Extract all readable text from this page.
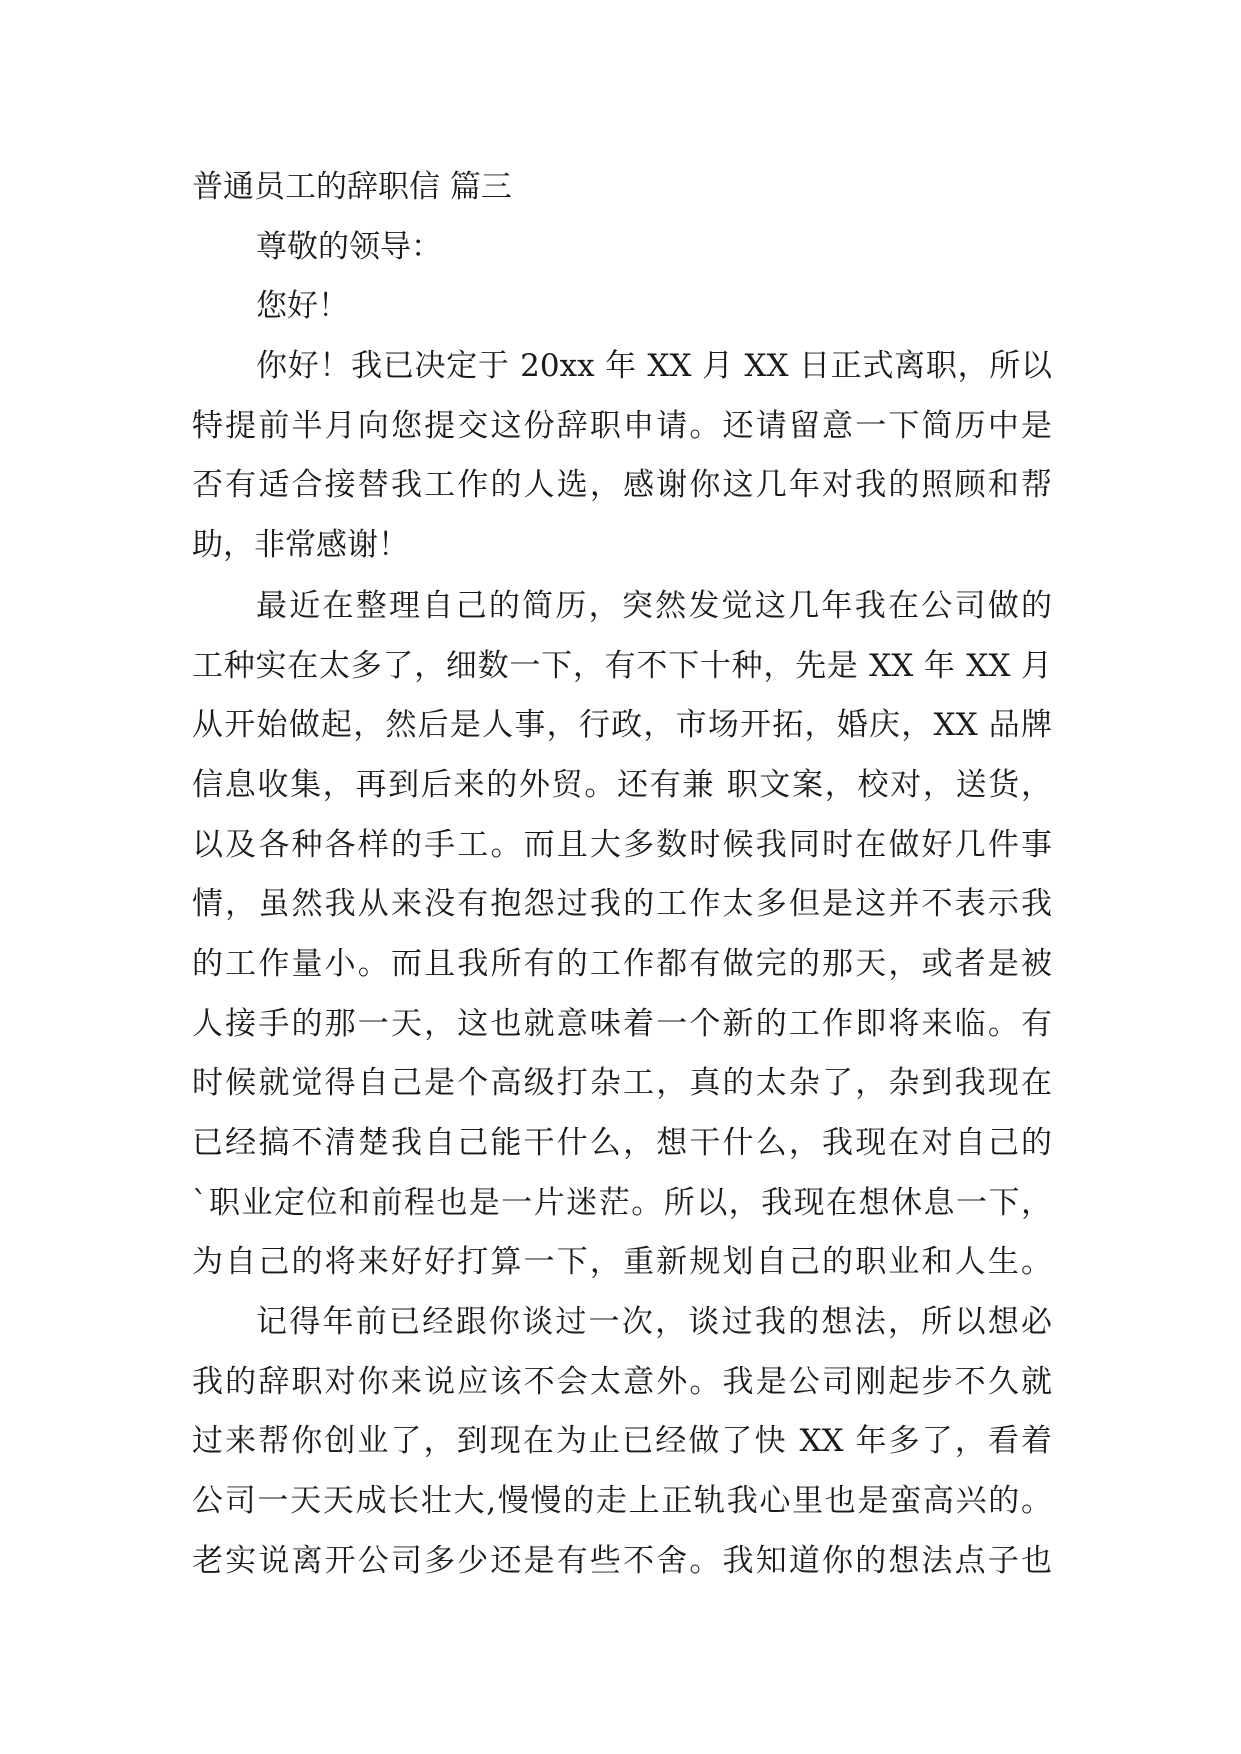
普通员工的辞职信 篇三
尊敬的领导：
您好！
你好！我已决定于 20xx 年 XX 月 XX 日正式离职，所以
特提前半月向您提交这份辞职申请。还请留意一下简历中是
否有适合接替我工作的人选，感谢你这几年对我的照顾和帮
助，非常感谢！
最近在整理自己的简历，突然发觉这几年我在公司做的
工种实在太多了，细数一下，有不下十种，先是 XX 年 XX 月
从开始做起，然后是人事，行政，市场开拓，婚庆，XX 品牌
信息收集，再到后来的外贸。还有兼 职文案，校对，送货，
以及各种各样的手工。而且大多数时候我同时在做好几件事
情，虽然我从来没有抱怨过我的工作太多但是这并不表示我
的工作量小。而且我所有的工作都有做完的那天，或者是被
人接手的那一天，这也就意味着一个新的工作即将来临。有
时候就觉得自己是个高级打杂工，真的太杂了，杂到我现在
已经搞不清楚我自己能干什么，想干什么，我现在对自己的
`职业定位和前程也是一片迷茫。所以，我现在想休息一下，
为自己的将来好好打算一下，重新规划自己的职业和人生。
记得年前已经跟你谈过一次，谈过我的想法，所以想必
我的辞职对你来说应该不会太意外。我是公司刚起步不久就
过来帮你创业了，到现在为止已经做了快 XX 年多了，看着
公司一天天成长壮大,慢慢的走上正轨我心里也是蛮高兴的。
老实说离开公司多少还是有些不舍。我知道你的想法点子也
